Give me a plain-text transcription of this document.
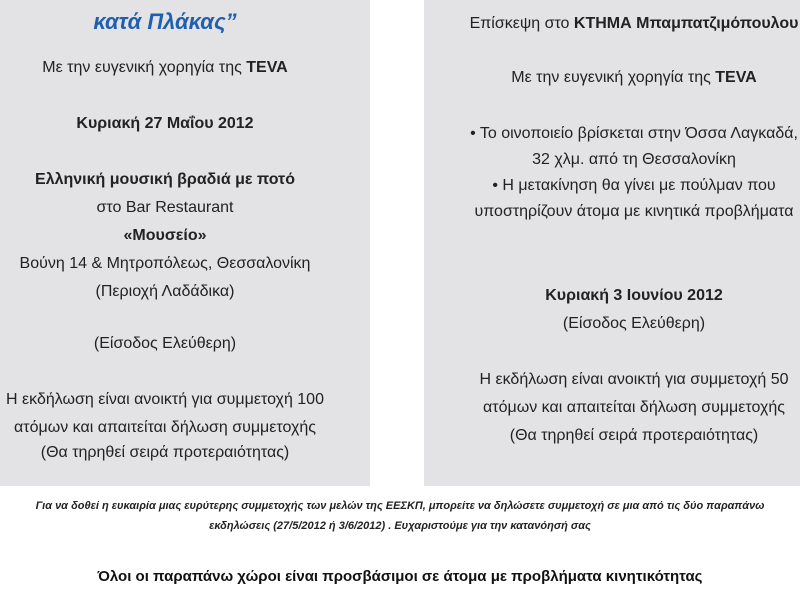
κατά Πλάκας”
Με την ευγενική χορηγία της TEVA
Κυριακή 27 Μαΐου 2012
Ελληνική μουσική βραδιά με ποτό
στο Bar Restaurant
«Μουσείο»
Βούνη 14 & Μητροπόλεως, Θεσσαλονίκη
(Περιοχή Λαδάδικα)
(Είσοδος Ελεύθερη)
Η εκδήλωση είναι ανοικτή για συμμετοχή 100
ατόμων και απαιτείται δήλωση συμμετοχής
(Θα τηρηθεί σειρά προτεραιότητας)
Επίσκεψη στο ΚΤΗΜΑ Μπαμπατζιμόπουλου
Με την ευγενική χορηγία της TEVA
• Το οινοποιείο βρίσκεται στην Όσσα Λαγκαδά,
32 χλμ. από τη Θεσσαλονίκη
• Η μετακίνηση θα γίνει με πούλμαν που
υποστηρίζουν άτομα με κινητικά προβλήματα
Κυριακή 3 Ιουνίου 2012
(Είσοδος Ελεύθερη)
Η εκδήλωση είναι ανοικτή για συμμετοχή 50
ατόμων και απαιτείται δήλωση συμμετοχής
(Θα τηρηθεί σειρά προτεραιότητας)
Για να δοθεί η ευκαιρία μιας ευρύτερης συμμετοχής των μελών της ΕΕΣΚΠ, μπορείτε να δηλώσετε συμμετοχή σε μια από τις δύο παραπάνω
εκδηλώσεις (27/5/2012 ή 3/6/2012) . Ευχαριστούμε για την κατανόησή σας
Όλοι οι παραπάνω χώροι είναι προσβάσιμοι σε άτομα με προβλήματα κινητικότητας
